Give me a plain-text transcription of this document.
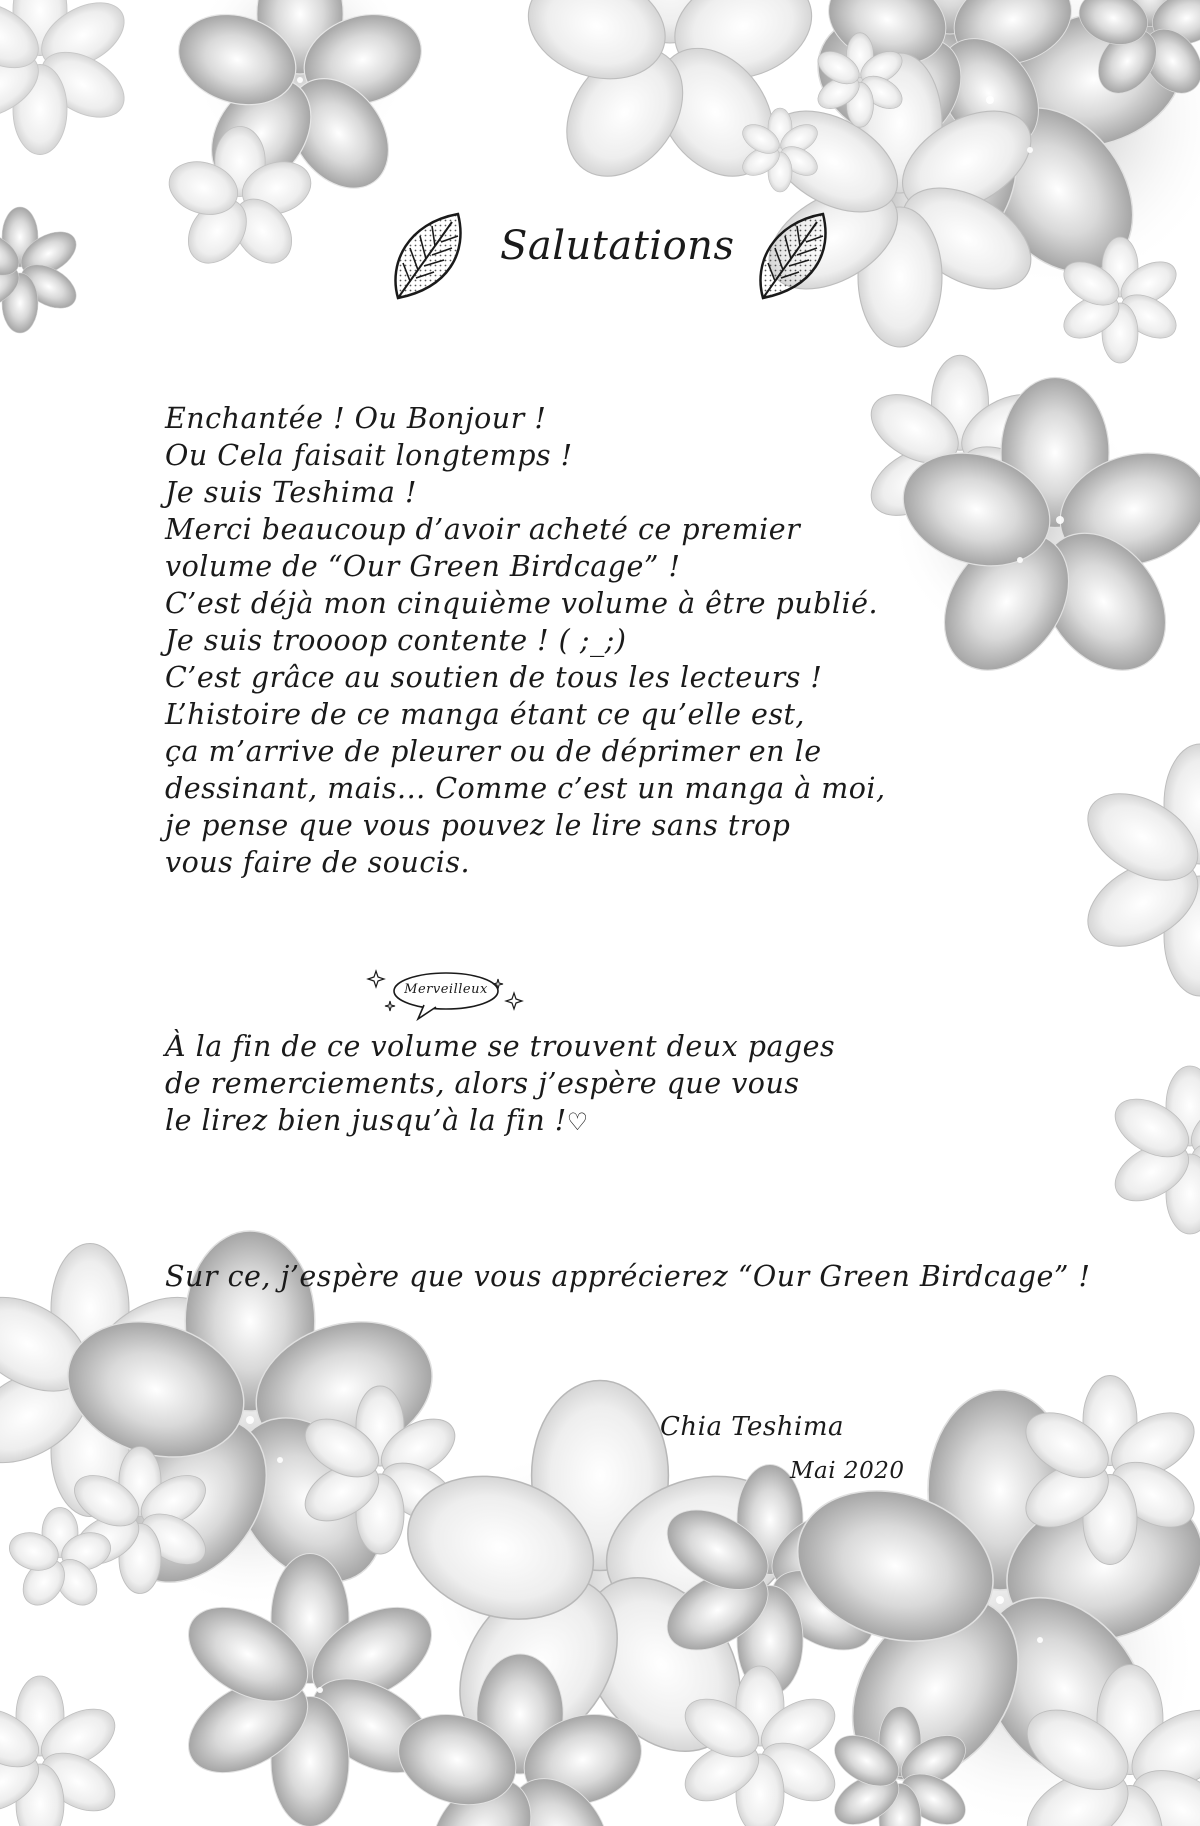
Salutations
Enchantée ! Ou Bonjour !
Ou Cela faisait longtemps !
Je suis Teshima !
Merci beaucoup d’avoir acheté ce premier
volume de “Our Green Birdcage” !
C’est déjà mon cinquième volume à être publié.
Je suis troooop contente ! ( ;_;)
C’est grâce au soutien de tous les lecteurs !
L’histoire de ce manga étant ce qu’elle est,
ça m’arrive de pleurer ou de déprimer en le
dessinant, mais... Comme c’est un manga à moi,
je pense que vous pouvez le lire sans trop
vous faire de soucis.
Merveilleux
À la fin de ce volume se trouvent deux pages
de remerciements, alors j’espère que vous
le lirez bien jusqu’à la fin !♡
Sur ce, j’espère que vous apprécierez “Our Green Birdcage” !
Chia Teshima
Mai 2020
